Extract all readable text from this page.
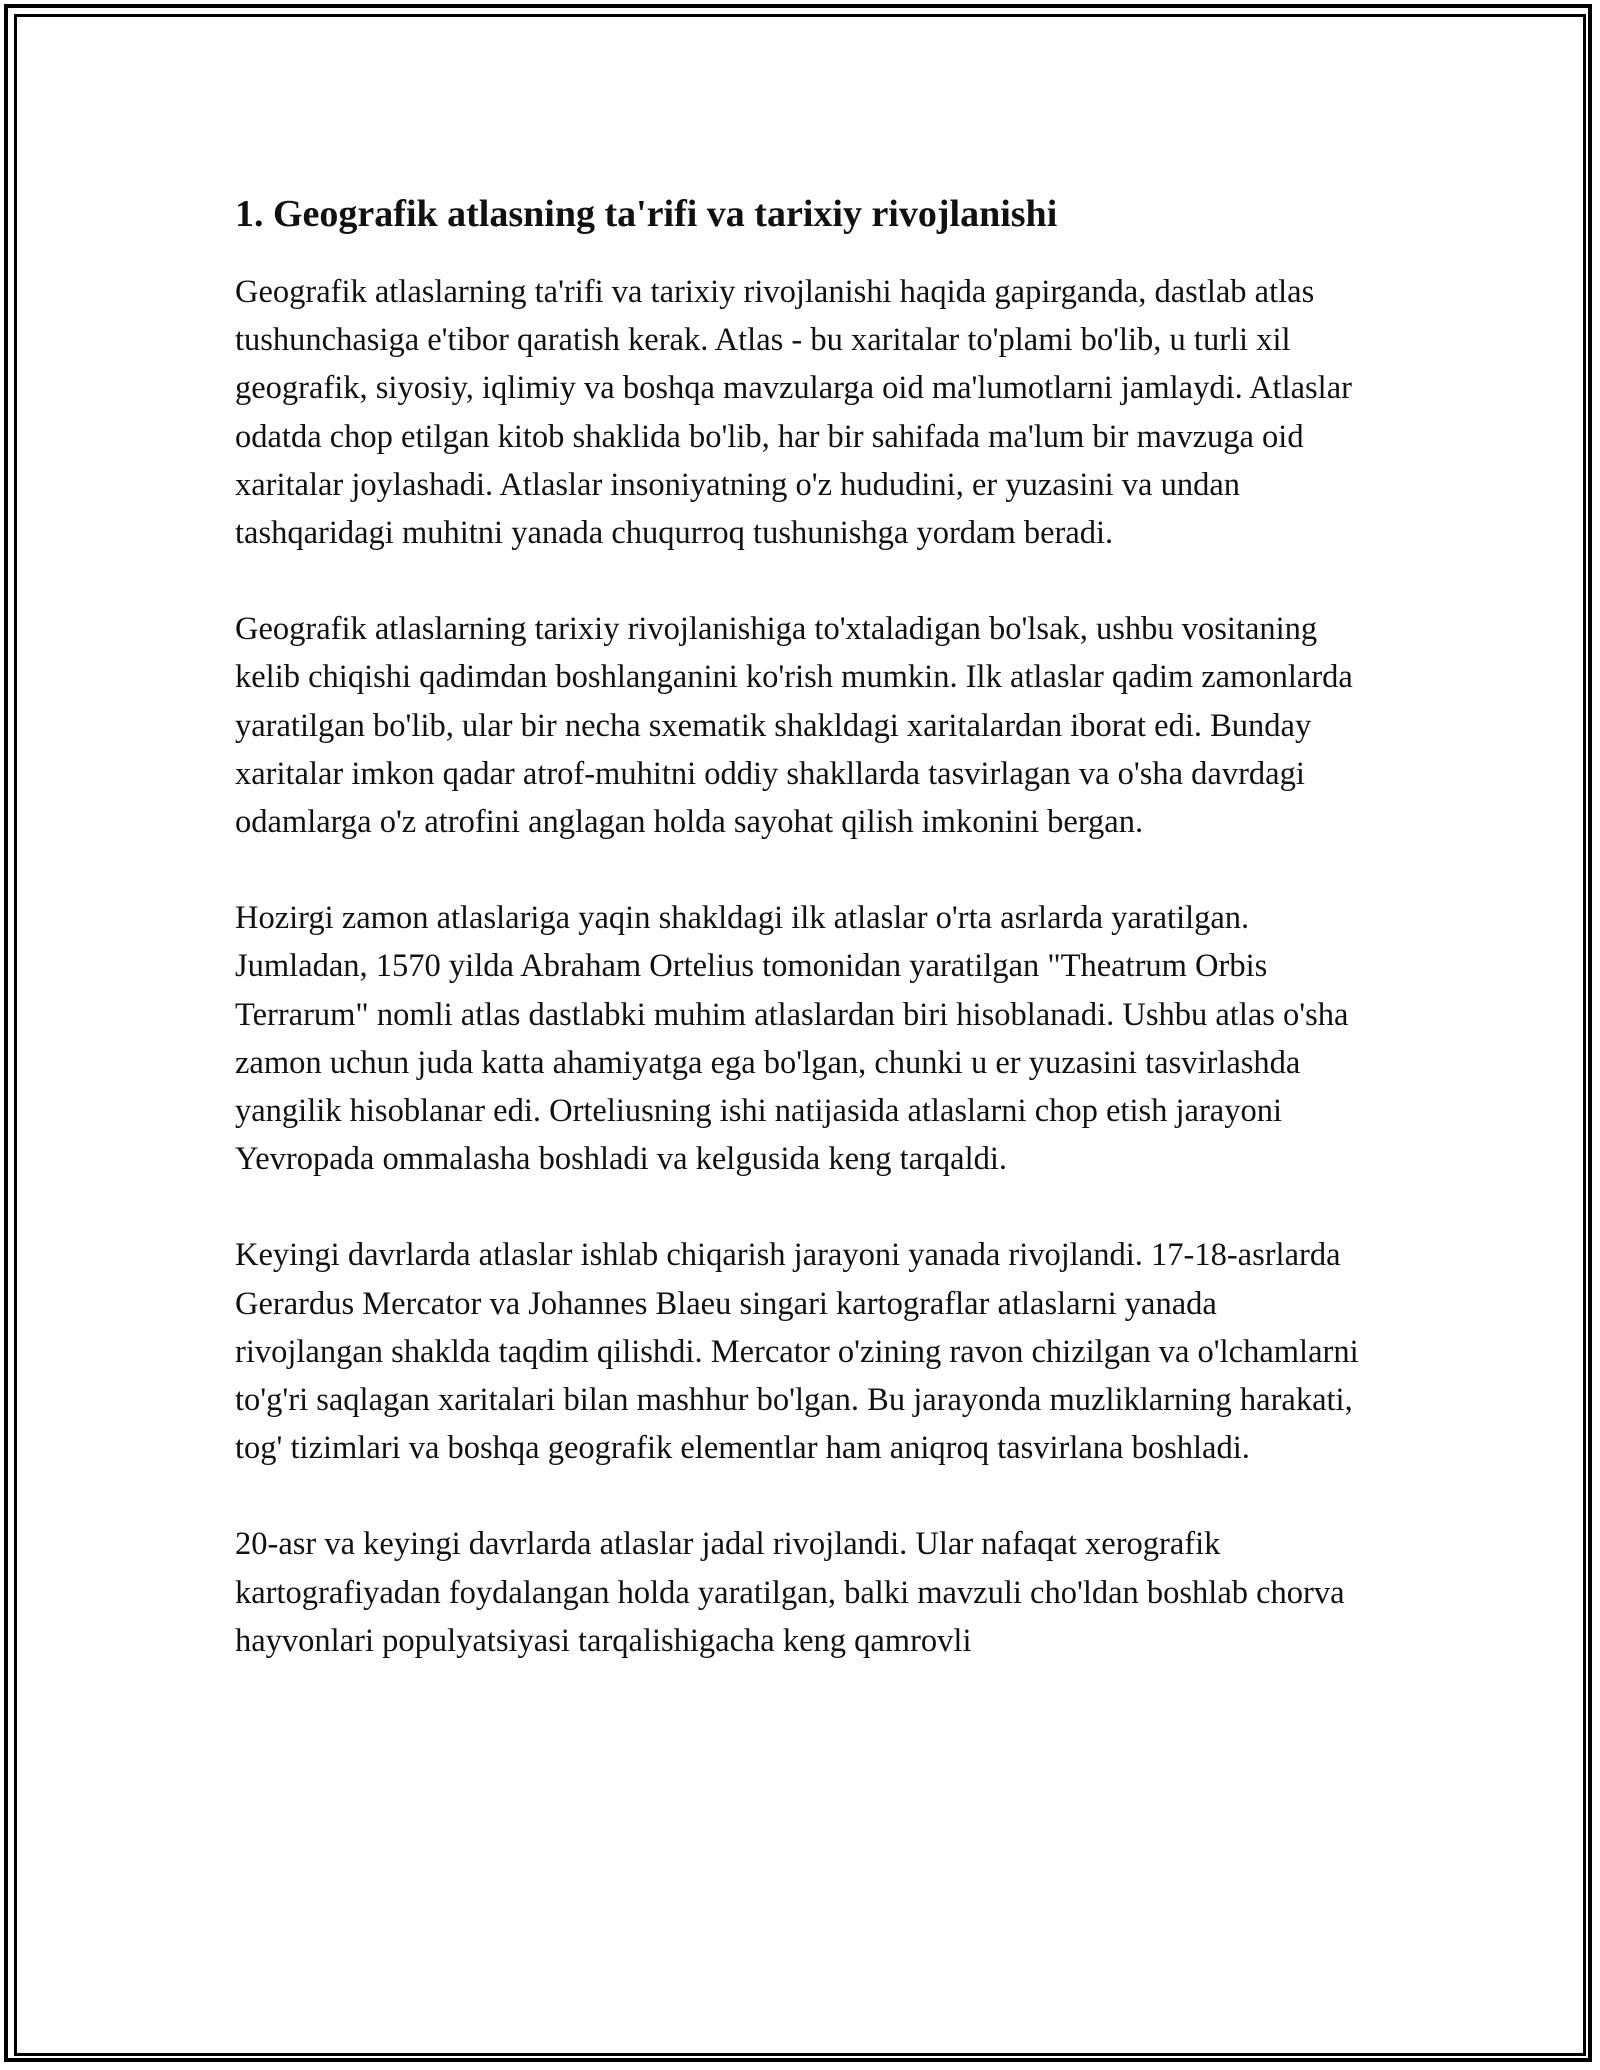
1. Geografik atlasning ta'rifi va tarixiy rivojlanishi

Geografik atlaslarning ta'rifi va tarixiy rivojlanishi haqida gapirganda, dastlab atlas tushunchasiga e'tibor qaratish kerak. Atlas - bu xaritalar to'plami bo'lib, u turli xil geografik, siyosiy, iqlimiy va boshqa mavzularga oid ma'lumotlarni jamlaydi. Atlaslar odatda chop etilgan kitob shaklida bo'lib, har bir sahifada ma'lum bir mavzuga oid xaritalar joylashadi. Atlaslar insoniyatning o'z hududini, er yuzasini va undan tashqaridagi muhitni yanada chuqurroq tushunishga yordam beradi.

Geografik atlaslarning tarixiy rivojlanishiga to'xtaladigan bo'lsak, ushbu vositaning kelib chiqishi qadimdan boshlanganini ko'rish mumkin. Ilk atlaslar qadim zamonlarda yaratilgan bo'lib, ular bir necha sxematik shakldagi xaritalardan iborat edi. Bunday xaritalar imkon qadar atrof-muhitni oddiy shakllarda tasvirlagan va o'sha davrdagi odamlarga o'z atrofini anglagan holda sayohat qilish imkonini bergan.

Hozirgi zamon atlaslariga yaqin shakldagi ilk atlaslar o'rta asrlarda yaratilgan. Jumladan, 1570 yilda Abraham Ortelius tomonidan yaratilgan "Theatrum Orbis Terrarum" nomli atlas dastlabki muhim atlaslardan biri hisoblanadi. Ushbu atlas o'sha zamon uchun juda katta ahamiyatga ega bo'lgan, chunki u er yuzasini tasvirlashda yangilik hisoblanar edi. Orteliusning ishi natijasida atlaslarni chop etish jarayoni Yevropada ommalasha boshladi va kelgusida keng tarqaldi.

Keyingi davrlarda atlaslar ishlab chiqarish jarayoni yanada rivojlandi. 17-18-asrlarda Gerardus Mercator va Johannes Blaeu singari kartograflar atlaslarni yanada rivojlangan shaklda taqdim qilishdi. Mercator o'zining ravon chizilgan va o'lchamlarni to'g'ri saqlagan xaritalari bilan mashhur bo'lgan. Bu jarayonda muzliklarning harakati, tog' tizimlari va boshqa geografik elementlar ham aniqroq tasvirlana boshladi.

20-asr va keyingi davrlarda atlaslar jadal rivojlandi. Ular nafaqat xerografik kartografiyadan foydalangan holda yaratilgan, balki mavzuli cho'ldan boshlab chorva hayvonlari populyatsiyasi tarqalishigacha keng qamrovli
